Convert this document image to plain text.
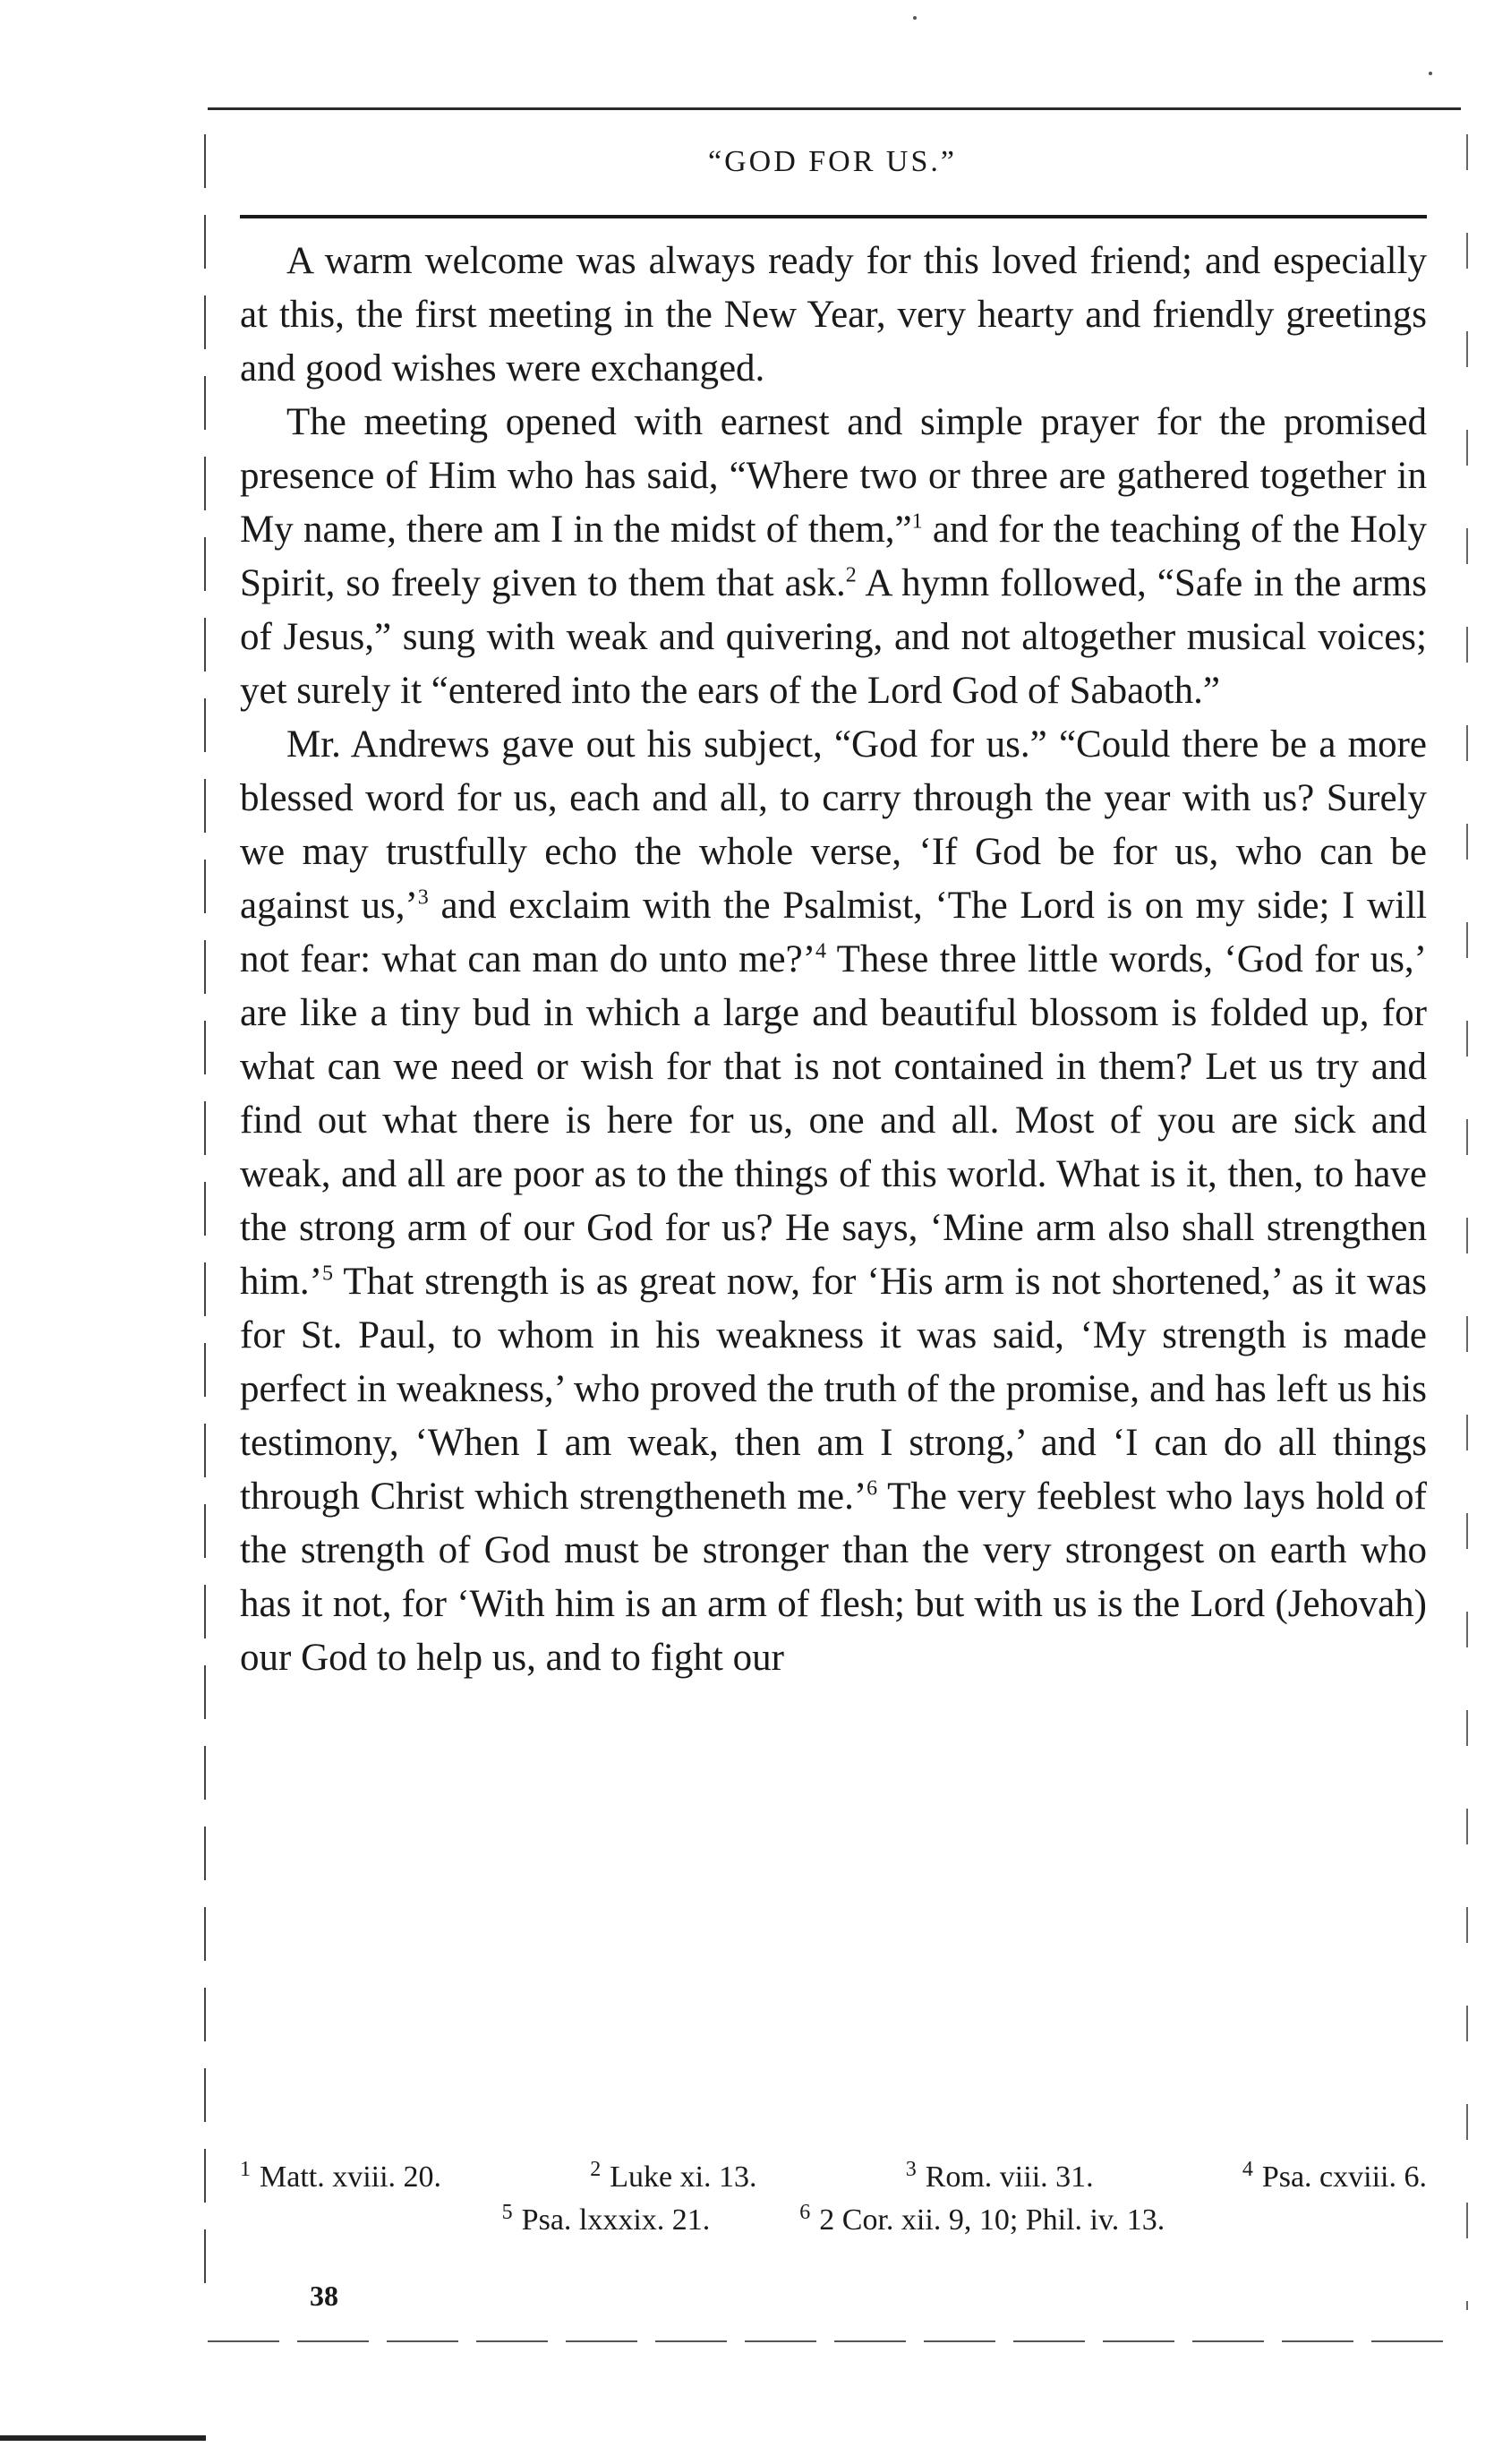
“GOD FOR US.”

A warm welcome was always ready for this loved friend; and especially at this, the first meeting in the New Year, very hearty and friendly greetings and good wishes were exchanged.

The meeting opened with earnest and simple prayer for the promised presence of Him who has said, “Where two or three are gathered together in My name, there am I in the midst of them,”$^1$ and for the teaching of the Holy Spirit, so freely given to them that ask.$^2$ A hymn followed, “Safe in the arms of Jesus,” sung with weak and quivering, and not altogether musical voices; yet surely it “entered into the ears of the Lord God of Sabaoth.”

Mr. Andrews gave out his subject, “God for us.” “Could there be a more blessed word for us, each and all, to carry through the year with us? Surely we may trustfully echo the whole verse, ‘If God be for us, who can be against us,’$^3$ and exclaim with the Psalmist, ‘The Lord is on my side; I will not fear: what can man do unto me?’$^4$ These three little words, ‘God for us,’ are like a tiny bud in which a large and beautiful blossom is folded up, for what can we need or wish for that is not contained in them? Let us try and find out what there is here for us, one and all. Most of you are sick and weak, and all are poor as to the things of this world. What is it, then, to have the strong arm of our God for us? He says, ‘Mine arm also shall strengthen him.’$^5$ That strength is as great now, for ‘His arm is not shortened,’ as it was for St. Paul, to whom in his weakness it was said, ‘My strength is made perfect in weakness,’ who proved the truth of the promise, and has left us his testimony, ‘When I am weak, then am I strong,’ and ‘I can do all things through Christ which strengtheneth me.’$^6$ The very feeblest who lays hold of the strength of God must be stronger than the very strongest on earth who has it not, for ‘With him is an arm of flesh; but with us is the Lord (Jehovah) our God to help us, and to fight our

$^1$ Matt. xviii. 20.	$^2$ Luke xi. 13.	$^3$ Rom. viii. 31.	$^4$ Psa. cxviii. 6.
$^5$ Psa. lxxxix. 21.	$^6$ 2 Cor. xii. 9, 10; Phil. iv. 13.
38
